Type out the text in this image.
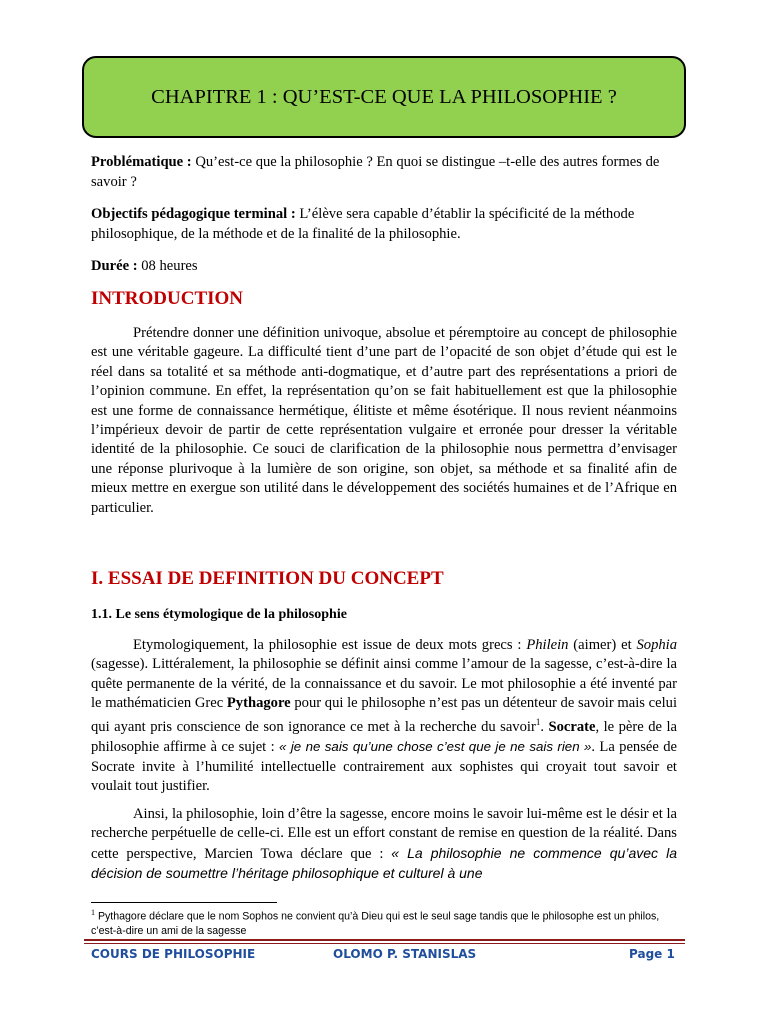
CHAPITRE 1 : QU’EST-CE QUE LA PHILOSOPHIE ?
Problématique : Qu’est-ce que la philosophie ? En quoi se distingue –t-elle des autres formes de savoir ?
Objectifs pédagogique terminal : L’élève sera capable d’établir la spécificité de la méthode philosophique, de la méthode et de la finalité de la philosophie.
Durée : 08 heures
INTRODUCTION
Prétendre donner une définition univoque, absolue et péremptoire au concept de philosophie est une véritable gageure. La difficulté tient d’une part de l’opacité de son objet d’étude qui est le réel dans sa totalité et sa méthode anti-dogmatique, et d’autre part des représentations a priori de l’opinion commune. En effet, la représentation qu’on se fait habituellement est que la philosophie est une forme de connaissance hermétique, élitiste et même ésotérique. Il nous revient néanmoins l’impérieux devoir de partir de cette représentation vulgaire et erronée pour dresser la véritable identité de la philosophie. Ce souci de clarification de la philosophie nous permettra d’envisager une réponse plurivoque à la lumière de son origine, son objet, sa méthode et sa finalité afin de mieux mettre en exergue son utilité dans le développement des sociétés humaines et de l’Afrique en particulier.
I. ESSAI DE DEFINITION DU CONCEPT
1.1. Le sens étymologique de la philosophie
Etymologiquement, la philosophie est issue de deux mots grecs : Philein (aimer) et Sophia (sagesse). Littéralement, la philosophie se définit ainsi comme l’amour de la sagesse, c’est-à-dire la quête permanente de la vérité, de la connaissance et du savoir. Le mot philosophie a été inventé par le mathématicien Grec Pythagore pour qui le philosophe n’est pas un détenteur de savoir mais celui qui ayant pris conscience de son ignorance ce met à la recherche du savoir$^1$. Socrate, le père de la philosophie affirme à ce sujet : « je ne sais qu’une chose c’est que je ne sais rien ». La pensée de Socrate invite à l’humilité intellectuelle contrairement aux sophistes qui croyait tout savoir et voulait tout justifier.
Ainsi, la philosophie, loin d’être la sagesse, encore moins le savoir lui-même est le désir et la recherche perpétuelle de celle-ci. Elle est un effort constant de remise en question de la réalité. Dans cette perspective, Marcien Towa déclare que : « La philosophie ne commence qu’avec la décision de soumettre l’héritage philosophique et culturel à une
$^1$ Pythagore déclare que le nom Sophos ne convient qu’à Dieu qui est le seul sage tandis que le philosophe est un philos, c’est-à-dire un ami de la sagesse
COURS DE PHILOSOPHIE	OLOMO P. STANISLAS	Page 1
